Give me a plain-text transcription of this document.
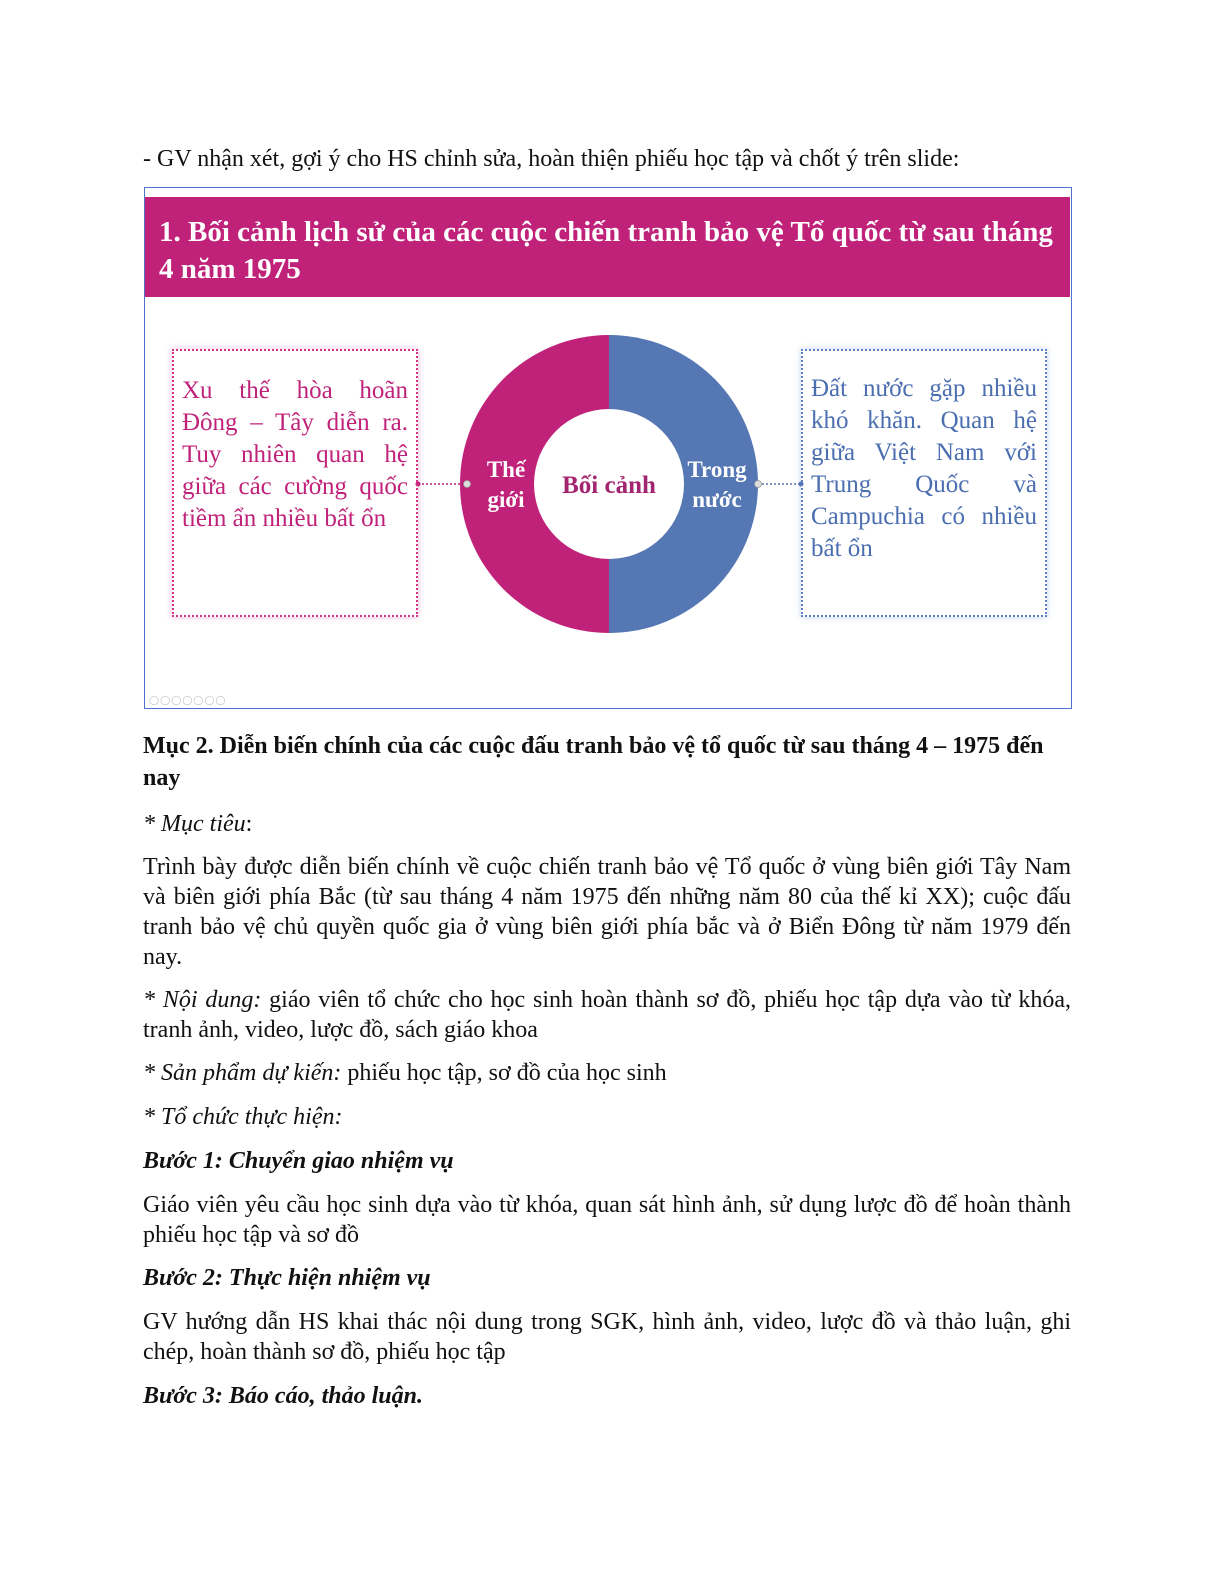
- GV nhận xét, gợi ý cho HS chỉnh sửa, hoàn thiện phiếu học tập và chốt ý trên slide:

1. Bối cảnh lịch sử của các cuộc chiến tranh bảo vệ Tổ quốc từ sau tháng 4 năm 1975

Bối cảnh
Thế
giới
Trong
nước
Xu thế hòa hoãn Đông – Tây diễn ra. Tuy nhiên quan hệ giữa các cường quốc tiềm ẩn nhiều bất ổn
Đất nước gặp nhiều khó khăn. Quan hệ giữa Việt Nam với Trung Quốc và Campuchia có nhiều bất ổn
◯◯◯◯◯◯◯

Mục 2. Diễn biến chính của các cuộc đấu tranh bảo vệ tổ quốc từ sau tháng 4 – 1975 đến nay

* Mục tiêu:

Trình bày được diễn biến chính về cuộc chiến tranh bảo vệ Tổ quốc ở vùng biên giới Tây Nam và biên giới phía Bắc (từ sau tháng 4 năm 1975 đến những năm 80 của thế kỉ XX); cuộc đấu tranh bảo vệ chủ quyền quốc gia ở vùng biên giới phía bắc và ở Biển Đông từ năm 1979 đến nay.

* Nội dung: giáo viên tổ chức cho học sinh hoàn thành sơ đồ, phiếu học tập dựa vào từ khóa, tranh ảnh, video, lược đồ, sách giáo khoa

* Sản phẩm dự kiến: phiếu học tập, sơ đồ của học sinh

* Tổ chức thực hiện:

Bước 1: Chuyển giao nhiệm vụ

Giáo viên yêu cầu học sinh dựa vào từ khóa, quan sát hình ảnh, sử dụng lược đồ để hoàn thành phiếu học tập và sơ đồ

Bước 2: Thực hiện nhiệm vụ

GV hướng dẫn HS khai thác nội dung trong SGK, hình ảnh, video, lược đồ và thảo luận, ghi chép, hoàn thành sơ đồ, phiếu học tập

Bước 3: Báo cáo, thảo luận.
